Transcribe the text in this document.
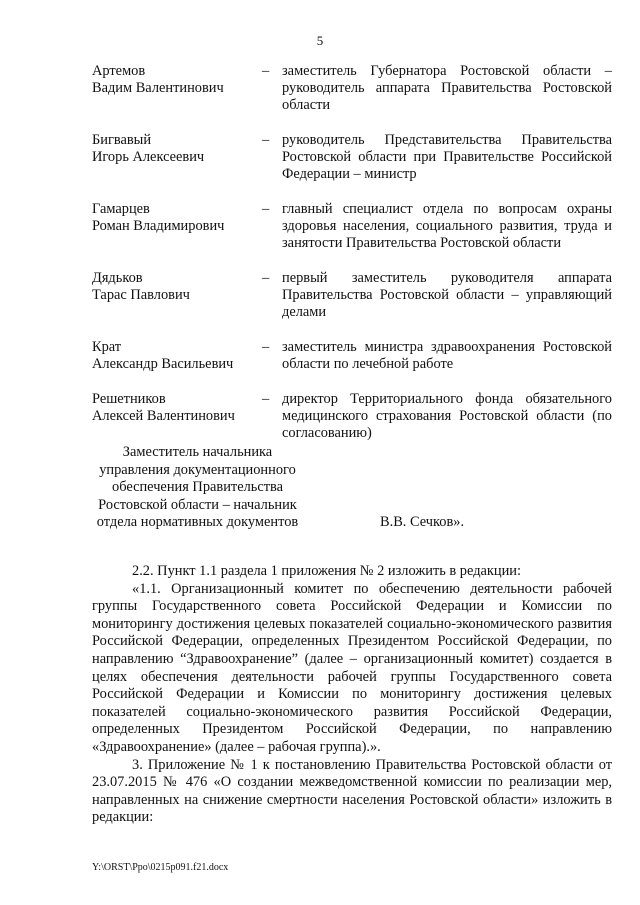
5
Артемов
Вадим Валентинович
– заместитель Губернатора Ростовской области – руководитель аппарата Правительства Ростовской области
Бигвавый
Игорь Алексеевич
– руководитель Представительства Правительства Ростовской области при Правительстве Российской Федерации – министр
Гамарцев
Роман Владимирович
– главный специалист отдела по вопросам охраны здоровья населения, социального развития, труда и занятости Правительства Ростовской области
Дядьков
Тарас Павлович
– первый заместитель руководителя аппарата Правительства Ростовской области – управляющий делами
Крат
Александр Васильевич
– заместитель министра здравоохранения Ростовской области по лечебной работе
Решетников
Алексей Валентинович
– директор Территориального фонда обязательного медицинского страхования Ростовской области (по согласованию)
Заместитель начальника
управления документационного
обеспечения Правительства
Ростовской области – начальник
отдела нормативных документов	В.В. Сечков».

2.2. Пункт 1.1 раздела 1 приложения № 2 изложить в редакции:

«1.1. Организационный комитет по обеспечению деятельности рабочей группы Государственного совета Российской Федерации и Комиссии по мониторингу достижения целевых показателей социально-экономического развития Российской Федерации, определенных Президентом Российской Федерации, по направлению “Здравоохранение” (далее – организационный комитет) создается в целях обеспечения деятельности рабочей группы Государственного совета Российской Федерации и Комиссии по мониторингу достижения целевых показателей социально-экономического развития Российской Федерации, определенных Президентом Российской Федерации, по направлению «Здравоохранение» (далее – рабочая группа).».

3. Приложение № 1 к постановлению Правительства Ростовской области от 23.07.2015 № 476 «О создании межведомственной комиссии по реализации мер, направленных на снижение смертности населения Ростовской области» изложить в редакции:

Y:\ORST\Ppo\0215p091.f21.docx
